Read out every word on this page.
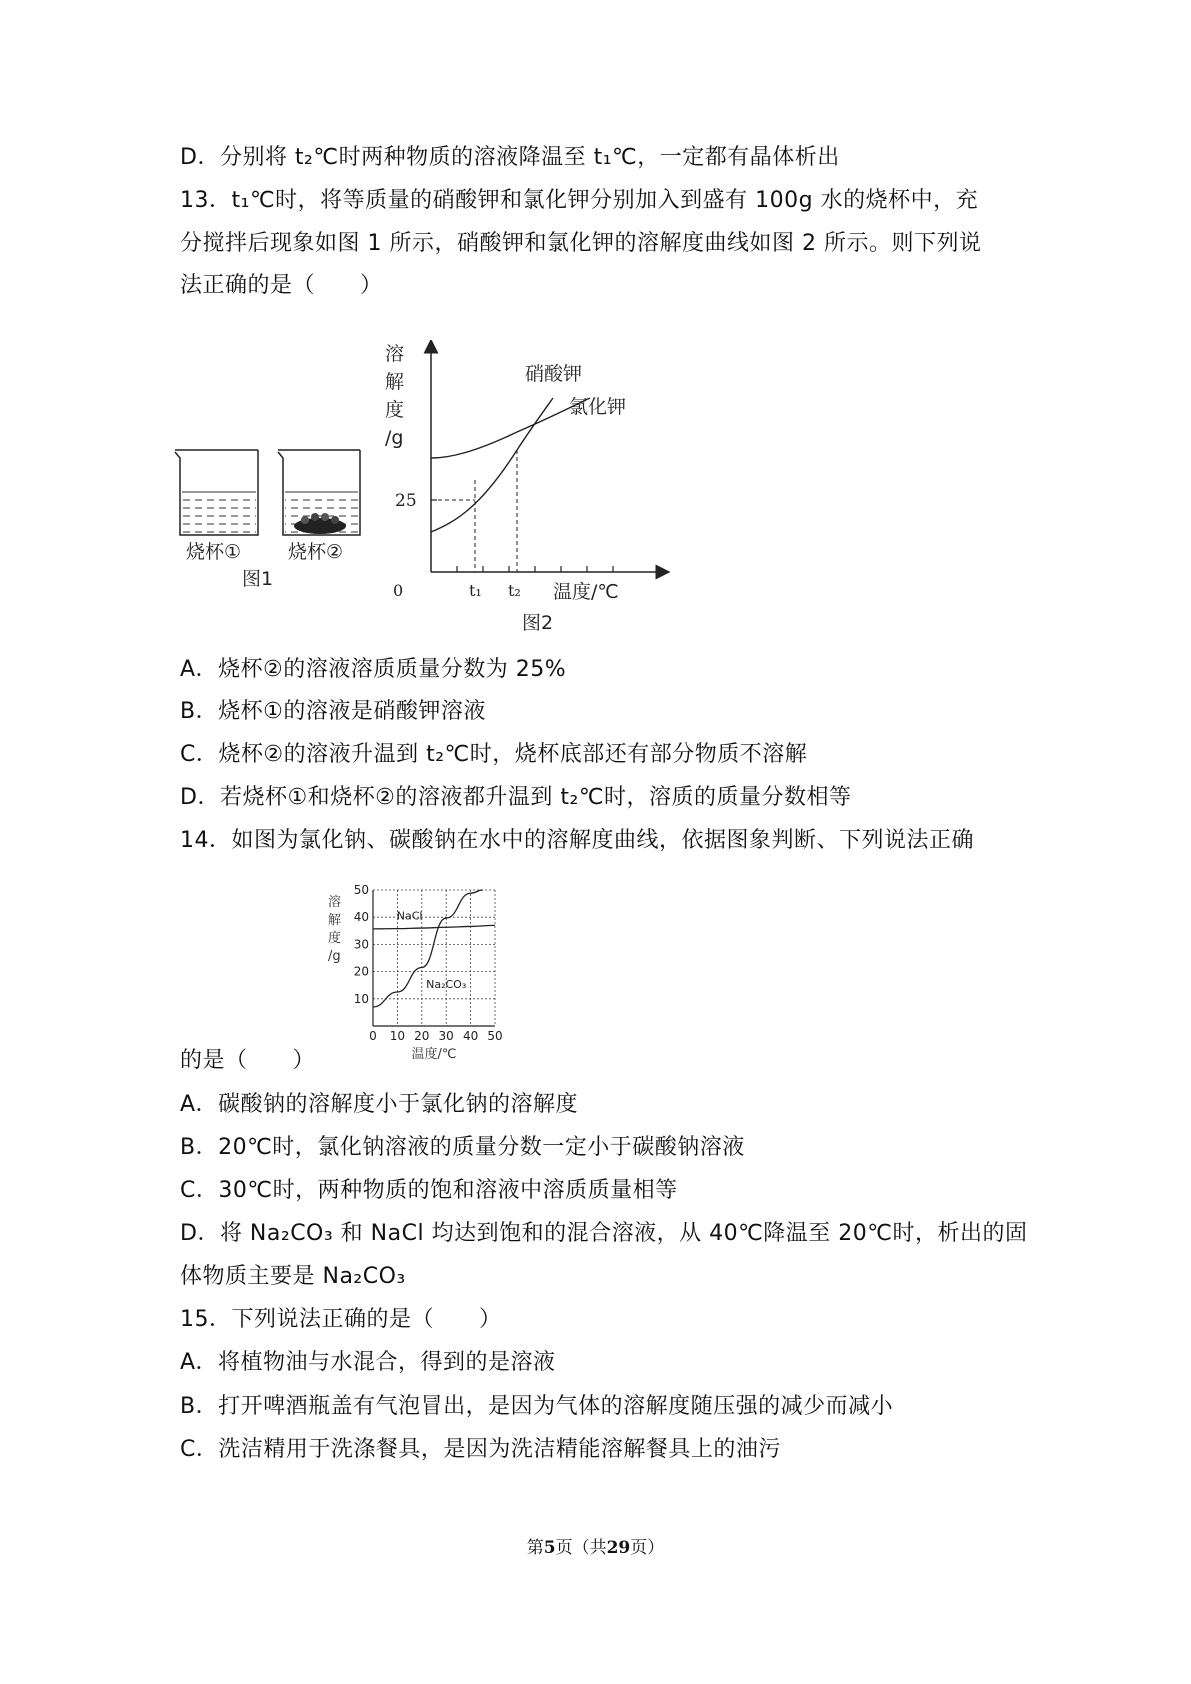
D．分别将 t₂℃时两种物质的溶液降温至 t₁℃，一定都有晶体析出
13．t₁℃时，将等质量的硝酸钾和氯化钾分别加入到盛有 100g 水的烧杯中，充
分搅拌后现象如图 1 所示，硝酸钾和氯化钾的溶解度曲线如图 2 所示。则下列说
法正确的是（　　）
烧杯① 烧杯②
图1
溶
解
度
/g
0
25
t₁ t₂ 温度/℃
硝酸钾
氯化钾
图2
A．烧杯②的溶液溶质质量分数为 25%
B．烧杯①的溶液是硝酸钾溶液
C．烧杯②的溶液升温到 t₂℃时，烧杯底部还有部分物质不溶解
D．若烧杯①和烧杯②的溶液都升温到 t₂℃时，溶质的质量分数相等
14．如图为氯化钠、碳酸钠在水中的溶解度曲线，依据图象判断、下列说法正确
0 10 20 30 40 50
10
20
30
40
50
溶
解
度
/g
温度/℃
NaCl
Na₂CO₃
的是（　　）
A．碳酸钠的溶解度小于氯化钠的溶解度
B．20℃时，氯化钠溶液的质量分数一定小于碳酸钠溶液
C．30℃时，两种物质的饱和溶液中溶质质量相等
D．将 Na₂CO₃ 和 NaCl 均达到饱和的混合溶液，从 40℃降温至 20℃时，析出的固
体物质主要是 Na₂CO₃
15．下列说法正确的是（　　）
A．将植物油与水混合，得到的是溶液
B．打开啤酒瓶盖有气泡冒出，是因为气体的溶解度随压强的减少而减小
C．洗洁精用于洗涤餐具，是因为洗洁精能溶解餐具上的油污
第5页（共29页）
